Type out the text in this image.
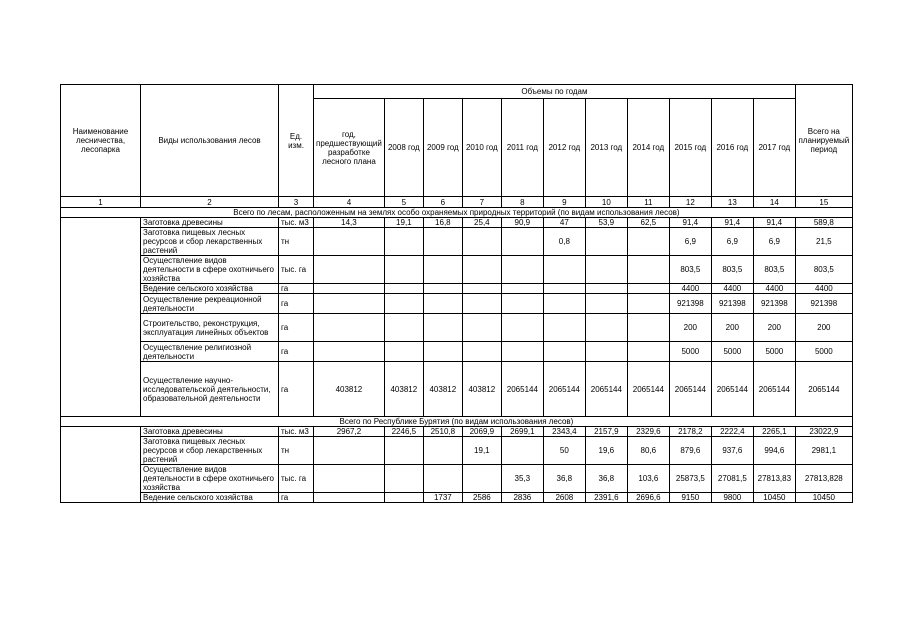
Наименование лесничества, лесопарка	Виды использования лесов	Ед. изм.	Объемы по годам											Всего на планируемый период
			год, предшествующий разработке лесного плана	2008 год	2009 год	2010 год	2011 год	2012 год	2013 год	2014 год	2015 год	2016 год	2017 год	
1	2	3	4	5	6	7	8	9	10	11	12	13	14	15
Всего по лесам, расположенным на землях особо охраняемых природных территорий (по видам использования лесов)														
	Заготовка древесины	тыс. м3	14,3	19,1	16,8	25,4	90,9	47	53,9	62,5	91,4	91,4	91,4	589,8
	Заготовка пищевых лесных ресурсов и сбор лекарственных растений	тн						0,8			6,9	6,9	6,9	21,5
	Осуществление видов деятельности в сфере охотничьего хозяйства	тыс. га									803,5	803,5	803,5	803,5
	Ведение сельского хозяйства	га									4400	4400	4400	4400
	Осуществление рекреационной деятельности	га									921398	921398	921398	921398
	Строительство, реконструкция, эксплуатация линейных объектов	га									200	200	200	200
	Осуществление религиозной деятельности	га									5000	5000	5000	5000
	Осуществление научно-исследовательской деятельности, образовательной деятельности	га	403812	403812	403812	403812	2065144	2065144	2065144	2065144	2065144	2065144	2065144	2065144
Всего по Республике Бурятия (по видам использования лесов)														
	Заготовка древесины	тыс. м3	2967,2	2246,5	2510,8	2069,9	2699,1	2343,4	2157,9	2329,6	2178,2	2222,4	2265,1	23022,9
	Заготовка пищевых лесных ресурсов и сбор лекарственных растений	тн				19,1		50	19,6	80,6	879,6	937,6	994,6	2981,1
	Осуществление видов деятельности в сфере охотничьего хозяйства	тыс. га					35,3	36,8	36,8	103,6	25873,5	27081,5	27813,83	27813,828
	Ведение сельского хозяйства	га			1737	2586	2836	2608	2391,6	2696,6	9150	9800	10450	10450
